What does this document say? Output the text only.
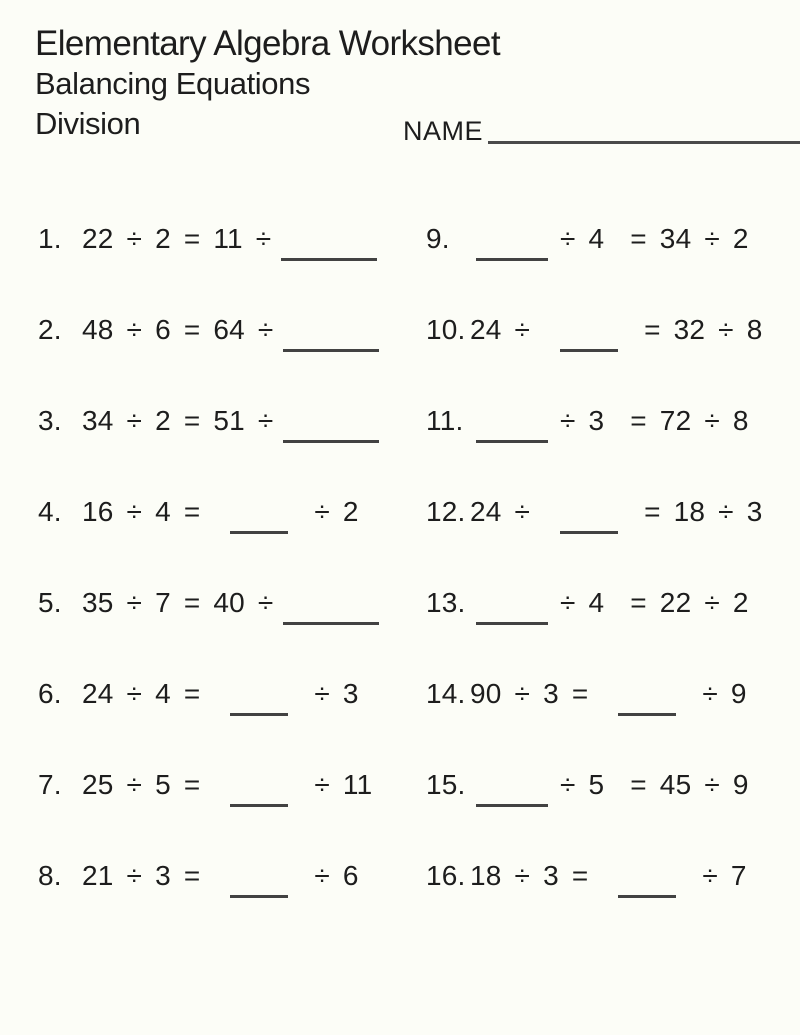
Elementary Algebra Worksheet
Balancing Equations
Division	NAME
1. 22 ÷ 2 = 11 ÷
2. 48 ÷ 6 = 64 ÷
3. 34 ÷ 2 = 51 ÷
4. 16 ÷ 4 =	÷ 2
5. 35 ÷ 7 = 40 ÷
6. 24 ÷ 4 =	÷ 3
7. 25 ÷ 5 =	÷ 11
8. 21 ÷ 3 =	÷ 6
9.	÷ 4  = 34 ÷ 2
10. 24 ÷	= 32 ÷ 8
11.	÷ 3  = 72 ÷ 8
12. 24 ÷	= 18 ÷ 3
13.	÷ 4  = 22 ÷ 2
14. 90 ÷ 3 =	÷ 9
15.	÷ 5  = 45 ÷ 9
16. 18 ÷ 3 =	÷ 7
